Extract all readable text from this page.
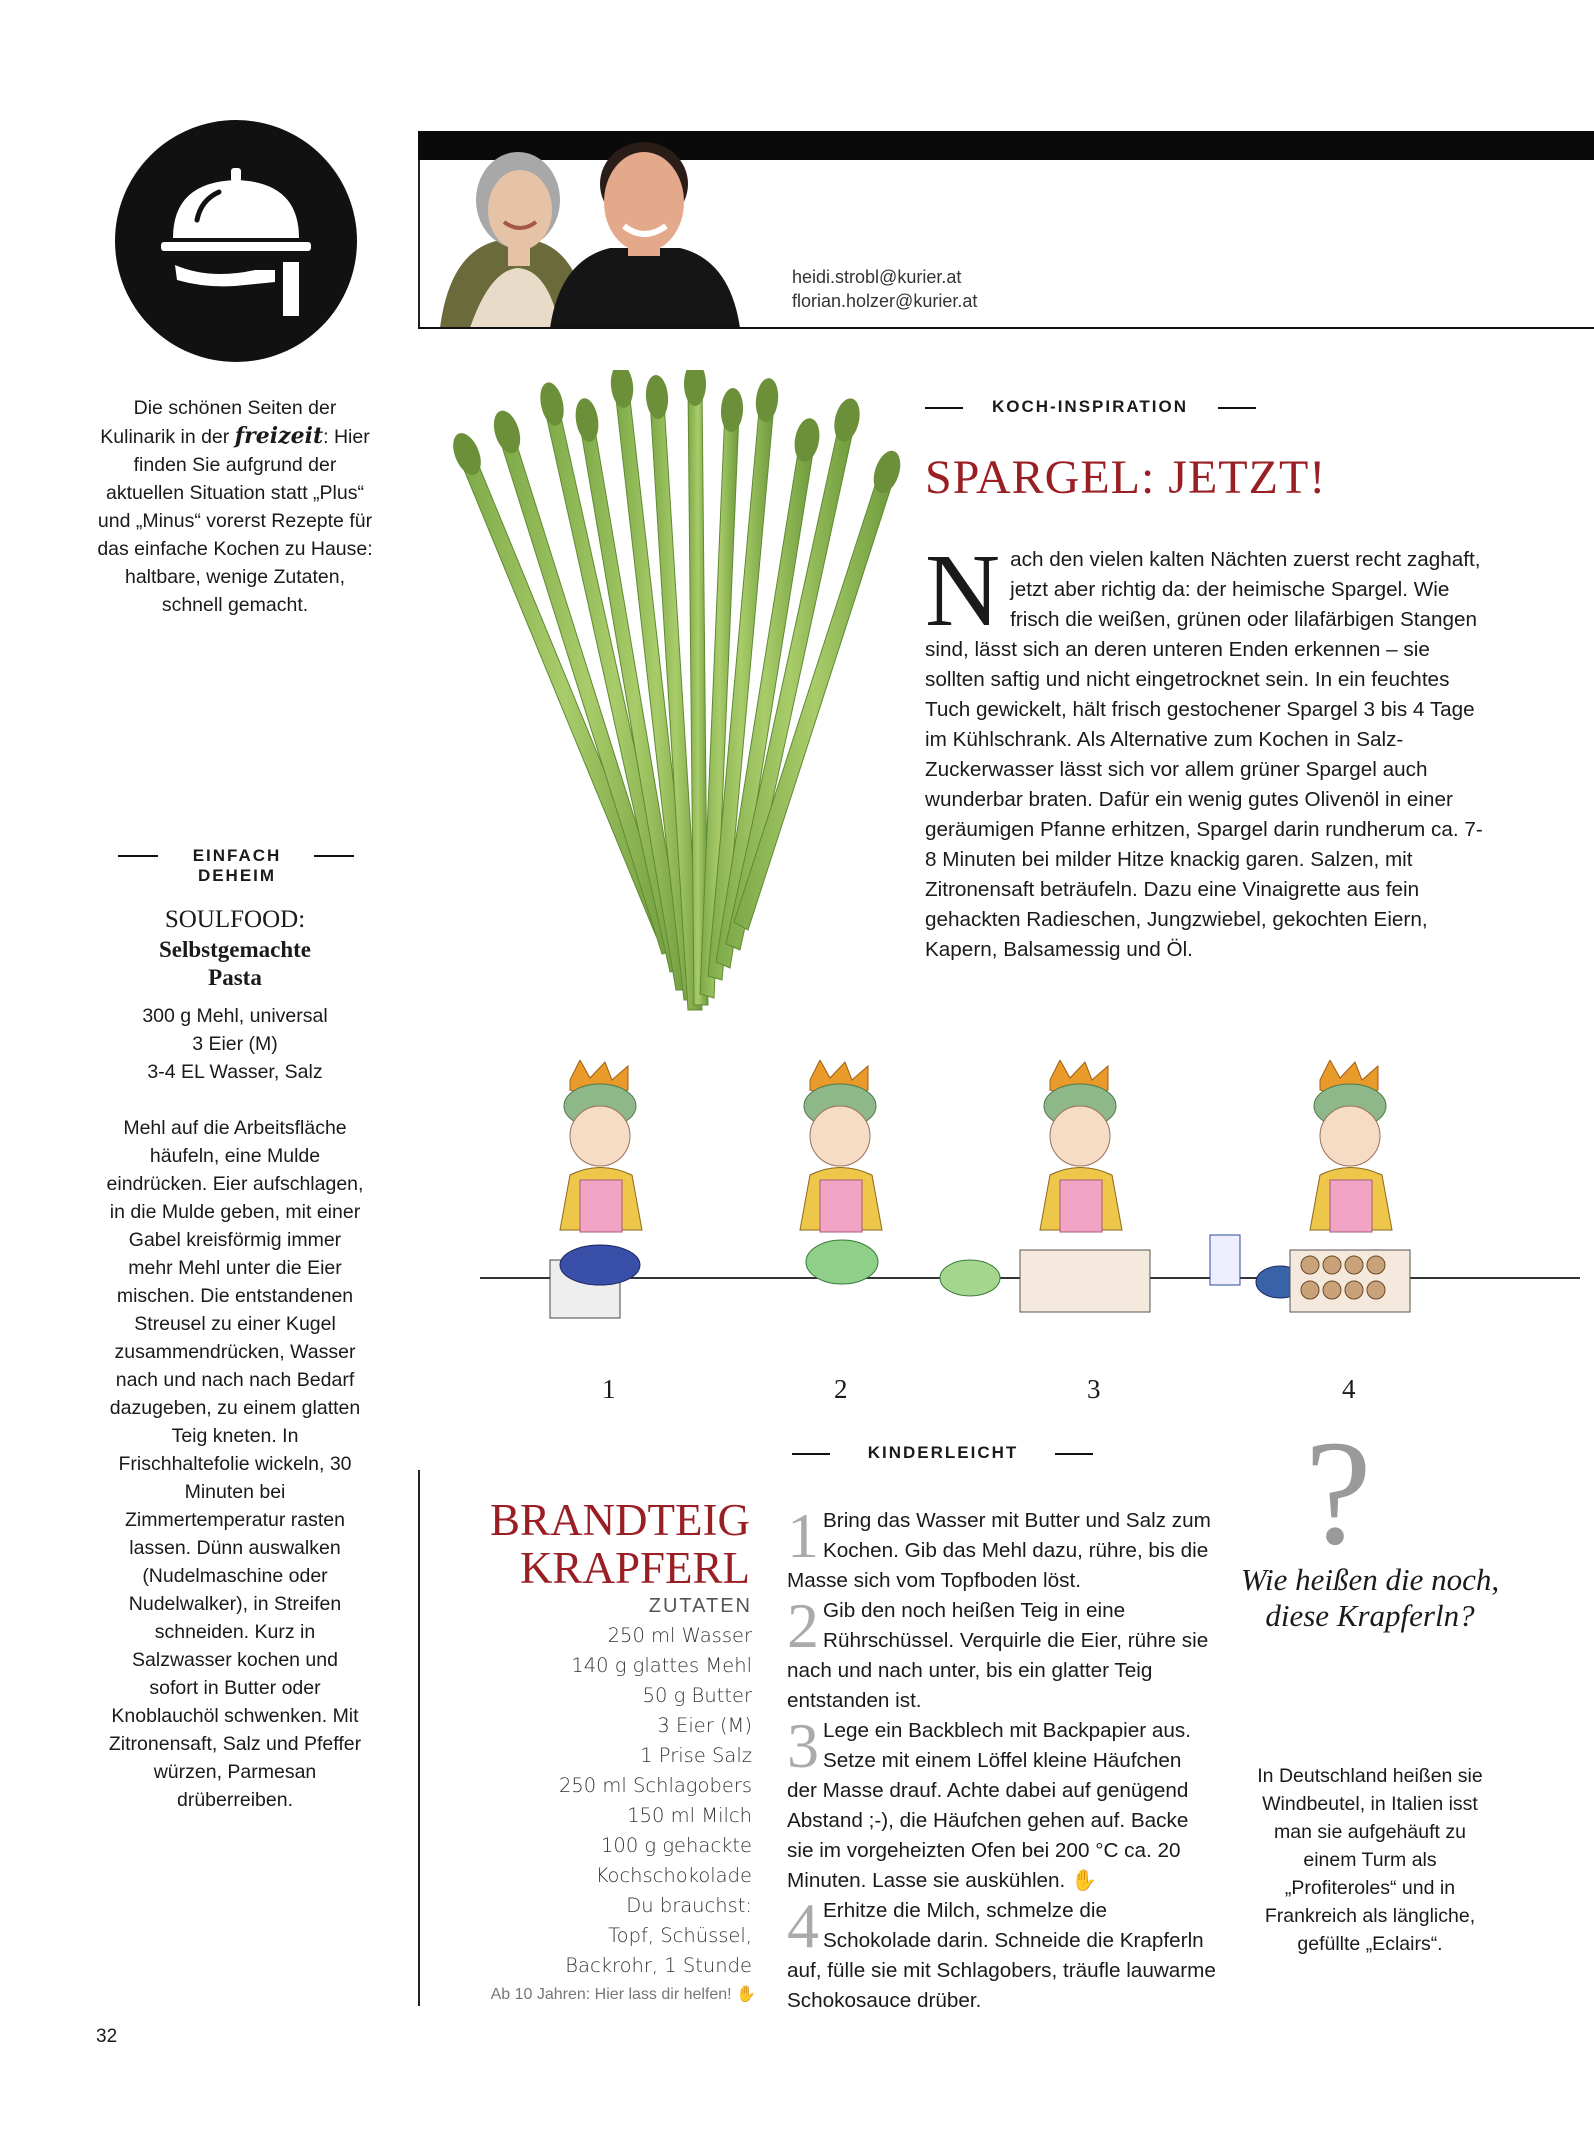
Die schönen Seiten der Kulinarik in der freizeit: Hier finden Sie aufgrund der aktuellen Situation statt „Plus“ und „Minus“ vorerst Rezepte für das einfache Kochen zu Hause: haltbare, wenige Zutaten, schnell gemacht.
EINFACH
DEHEIM
SOULFOOD:
Selbstgemachte
Pasta
300 g Mehl, universal
3 Eier (M)
3-4 EL Wasser, Salz
Mehl auf die Arbeitsfläche häufeln, eine Mulde eindrücken. Eier aufschlagen, in die Mulde geben, mit einer Gabel kreisförmig immer mehr Mehl unter die Eier mischen. Die entstandenen Streusel zu einer Kugel zusammendrücken, Wasser nach und nach nach Bedarf dazugeben, zu einem glatten Teig kneten. In Frischhaltefolie wickeln, 30 Minuten bei Zimmertemperatur rasten lassen. Dünn auswalken (Nudelmaschine oder Nudelwalker), in Streifen schneiden. Kurz in Salzwasser kochen und sofort in Butter oder Knoblauchöl schwenken. Mit Zitronensaft, Salz und Pfeffer würzen, Parmesan drüberreiben.
32
heidi.strobl@kurier.at
florian.holzer@kurier.at
KOCH-INSPIRATION
SPARGEL: JETZT!
Nach den vielen kalten Nächten zuerst recht zaghaft, jetzt aber richtig da: der heimische Spargel. Wie frisch die weißen, grünen oder lilafärbigen Stangen sind, lässt sich an deren unteren Enden erkennen – sie sollten saftig und nicht eingetrocknet sein. In ein feuchtes Tuch gewickelt, hält frisch gestochener Spargel 3 bis 4 Tage im Kühlschrank. Als Alternative zum Kochen in Salz-Zuckerwasser lässt sich vor allem grüner Spargel auch wunderbar braten. Dafür ein wenig gutes Olivenöl in einer geräumigen Pfanne erhitzen, Spargel darin rundherum ca. 7-8 Minuten bei milder Hitze knackig garen. Salzen, mit Zitronensaft beträufeln. Dazu eine Vinaigrette aus fein gehackten Radieschen, Jungzwiebel, gekochten Eiern, Kapern, Balsamessig und Öl.
1	2	3	4
KINDERLEICHT
BRANDTEIG
KRAPFERL
ZUTATEN
250 ml Wasser
140 g glattes Mehl
50 g Butter
3 Eier (M)
1 Prise Salz
250 ml Schlagobers
150 ml Milch
100 g gehackte
Kochschokolade
Du brauchst:
Topf, Schüssel,
Backrohr, 1 Stunde
Ab 10 Jahren: Hier lass dir helfen! ✋
1 Bring das Wasser mit Butter und Salz zum Kochen. Gib das Mehl dazu, rühre, bis die Masse sich vom Topfboden löst.
2 Gib den noch heißen Teig in eine Rührschüssel. Verquirle die Eier, rühre sie nach und nach unter, bis ein glatter Teig entstanden ist.
3 Lege ein Backblech mit Backpapier aus. Setze mit einem Löffel kleine Häufchen der Masse drauf. Achte dabei auf genügend Abstand ;-), die Häufchen gehen auf. Backe sie im vorgeheizten Ofen bei 200 °C ca. 20 Minuten. Lasse sie auskühlen. ✋
4 Erhitze die Milch, schmelze die Schokolade darin. Schneide die Krapferln auf, fülle sie mit Schlagobers, träufle lauwarme Schokosauce drüber.
?
Wie heißen die noch, diese Krapferln?
In Deutschland heißen sie Windbeutel, in Italien isst man sie aufgehäuft zu einem Turm als „Profiteroles“ und in Frankreich als längliche, gefüllte „Eclairs“.
